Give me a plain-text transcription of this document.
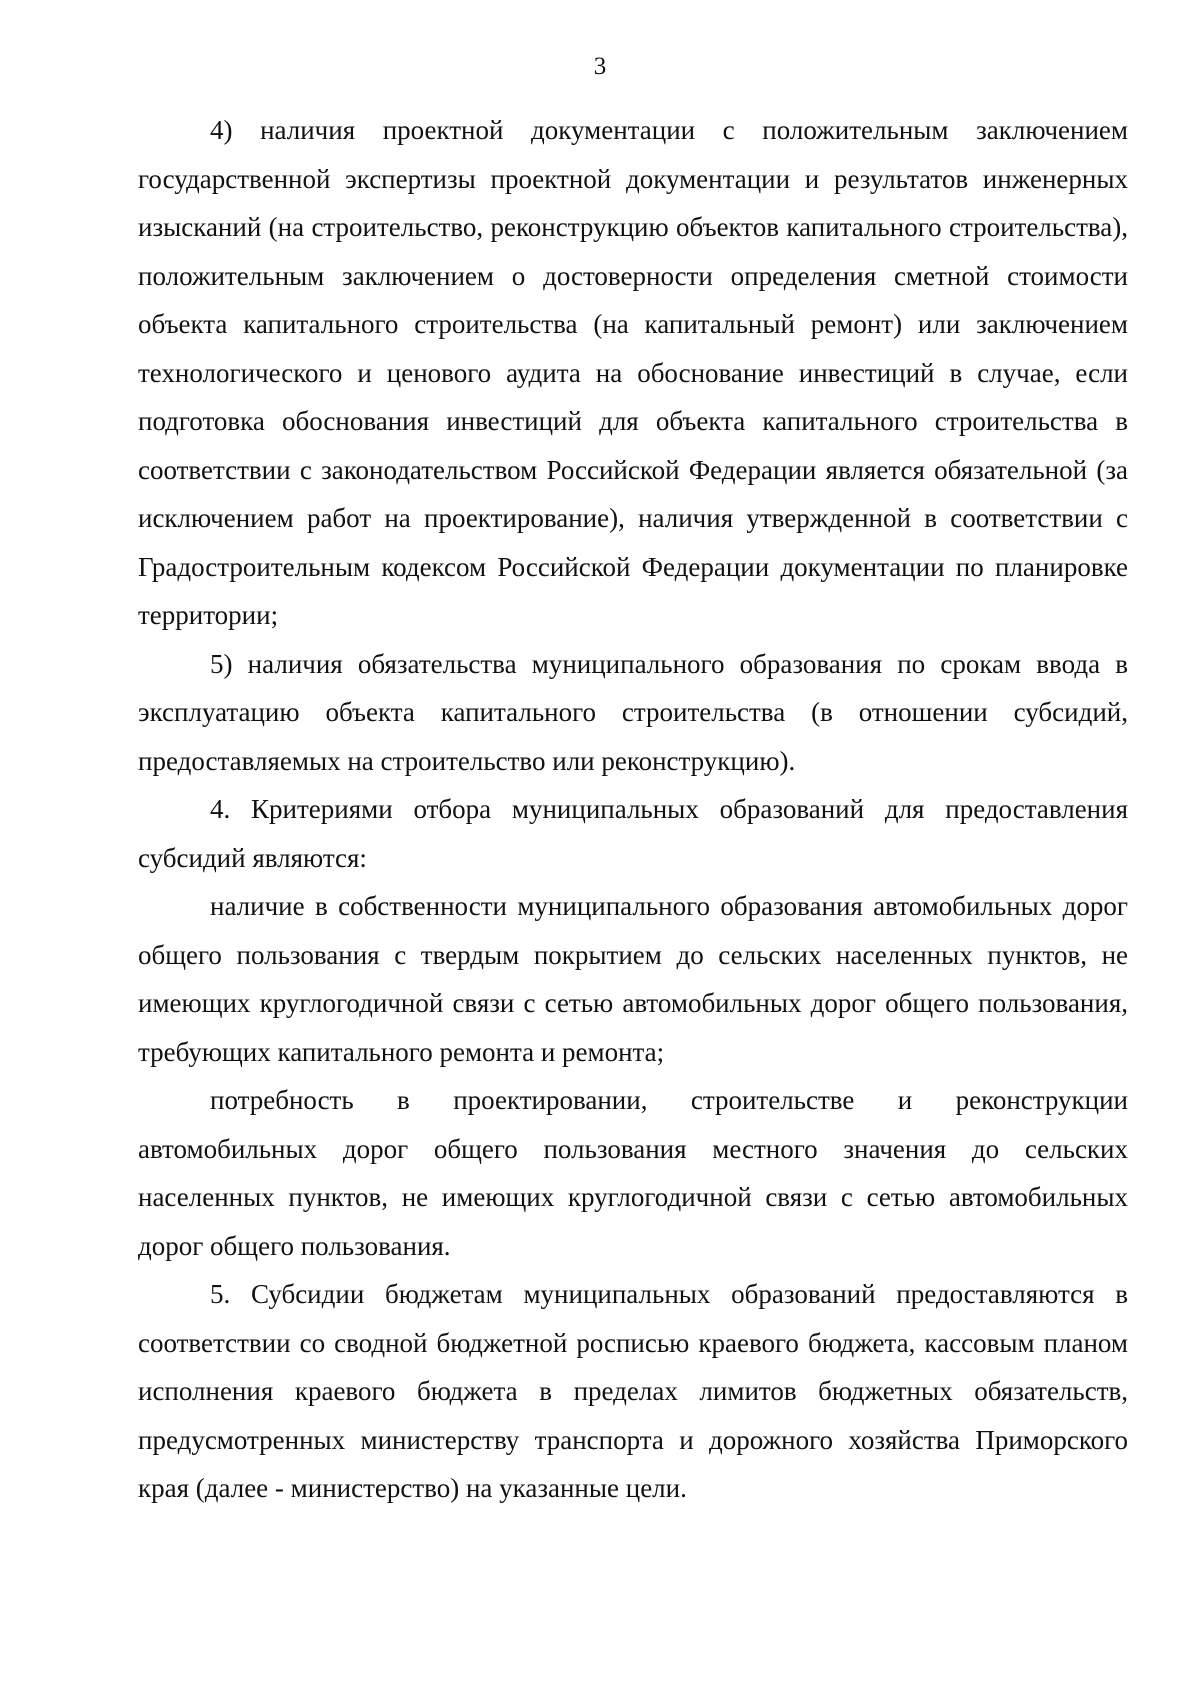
3

4) наличия проектной документации с положительным заключением государственной экспертизы проектной документации и результатов инженерных изысканий (на строительство, реконструкцию объектов капитального строительства), положительным заключением о достоверности определения сметной стоимости объекта капитального строительства (на капитальный ремонт) или заключением технологического и ценового аудита на обоснование инвестиций в случае, если подготовка обоснования инвестиций для объекта капитального строительства в соответствии с законодательством Российской Федерации является обязательной (за исключением работ на проектирование), наличия утвержденной в соответствии с Градостроительным кодексом Российской Федерации документации по планировке территории;

5) наличия обязательства муниципального образования по срокам ввода в эксплуатацию объекта капитального строительства (в отношении субсидий, предоставляемых на строительство или реконструкцию).

4. Критериями отбора муниципальных образований для предоставления субсидий являются:

наличие в собственности муниципального образования автомобильных дорог общего пользования с твердым покрытием до сельских населенных пунктов, не имеющих круглогодичной связи с сетью автомобильных дорог общего пользования, требующих капитального ремонта и ремонта;

потребность в проектировании, строительстве и реконструкции автомобильных дорог общего пользования местного значения до сельских населенных пунктов, не имеющих круглогодичной связи с сетью автомобильных дорог общего пользования.

5. Субсидии бюджетам муниципальных образований предоставляются в соответствии со сводной бюджетной росписью краевого бюджета, кассовым планом исполнения краевого бюджета в пределах лимитов бюджетных обязательств, предусмотренных министерству транспорта и дорожного хозяйства Приморского края (далее - министерство) на указанные цели.
